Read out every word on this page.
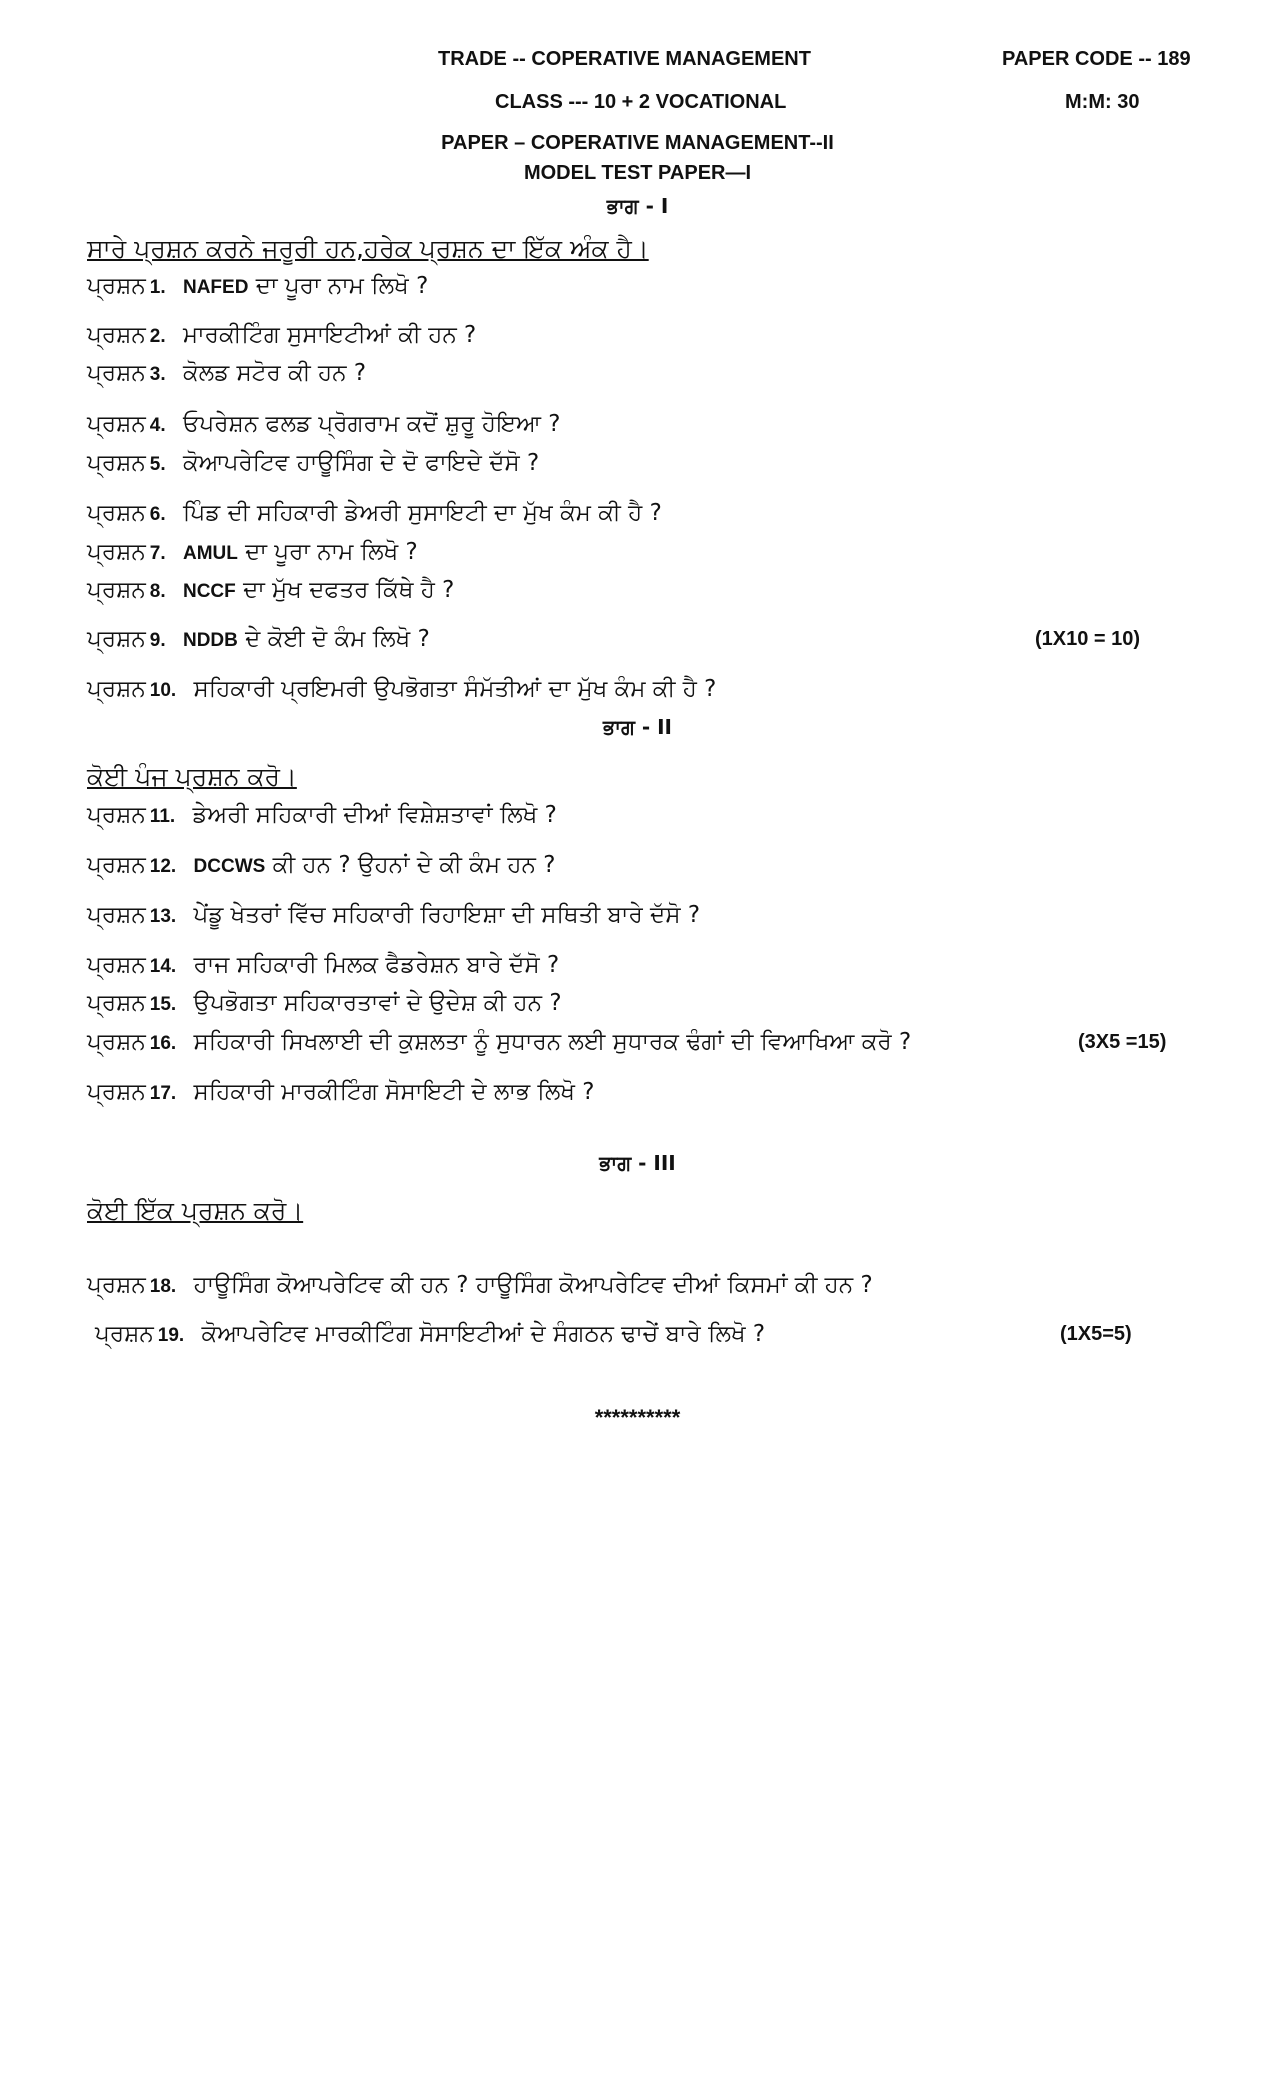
TRADE -- COPERATIVE MANAGEMENT	PAPER CODE -- 189
CLASS --- 10 + 2 VOCATIONAL	M:M: 30
PAPER – COPERATIVE MANAGEMENT--II
MODEL TEST PAPER—I
ਭਾਗ - I
ਸਾਰੇ ਪ੍ਰਸ਼ਨ ਕਰਨੇ ਜਰੂਰੀ ਹਨ,ਹਰੇਕ ਪ੍ਰਸ਼ਨ ਦਾ ਇੱਕ ਅੰਕ ਹੈ।
ਪ੍ਰਸ਼ਨ 1. NAFED ਦਾ ਪੂਰਾ ਨਾਮ ਲਿਖੋ ?
ਪ੍ਰਸ਼ਨ 2. ਮਾਰਕੀਟਿੰਗ ਸੁਸਾਇਟੀਆਂ ਕੀ ਹਨ ?
ਪ੍ਰਸ਼ਨ 3. ਕੋਲਡ ਸਟੋਰ ਕੀ ਹਨ ?
ਪ੍ਰਸ਼ਨ 4. ਓਪਰੇਸ਼ਨ ਫਲਡ ਪ੍ਰੋਗਰਾਮ ਕਦੋਂ ਸ਼ੁਰੂ ਹੋਇਆ ?
ਪ੍ਰਸ਼ਨ 5. ਕੋਆਪਰੇਟਿਵ ਹਾਊਸਿੰਗ ਦੇ ਦੋ ਫਾਇਦੇ ਦੱਸੋ ?
ਪ੍ਰਸ਼ਨ 6. ਪਿੰਡ ਦੀ ਸਹਿਕਾਰੀ ਡੇਅਰੀ ਸੁਸਾਇਟੀ ਦਾ ਮੁੱਖ ਕੰਮ ਕੀ ਹੈ ?
ਪ੍ਰਸ਼ਨ 7. AMUL ਦਾ ਪੂਰਾ ਨਾਮ ਲਿਖੋ ?
ਪ੍ਰਸ਼ਨ 8. NCCF ਦਾ ਮੁੱਖ ਦਫਤਰ ਕਿੱਥੇ ਹੈ ?
ਪ੍ਰਸ਼ਨ 9. NDDB ਦੇ ਕੋਈ ਦੋ ਕੰਮ ਲਿਖੋ ?	(1X10 = 10)
ਪ੍ਰਸ਼ਨ 10. ਸਹਿਕਾਰੀ ਪ੍ਰਇਮਰੀ ਉਪਭੋਗਤਾ ਸੰਮੱਤੀਆਂ ਦਾ ਮੁੱਖ ਕੰਮ ਕੀ ਹੈ ?
ਭਾਗ - II
ਕੋਈ ਪੰਜ ਪ੍ਰਸ਼ਨ ਕਰੋ।
ਪ੍ਰਸ਼ਨ 11. ਡੇਅਰੀ ਸਹਿਕਾਰੀ ਦੀਆਂ ਵਿਸ਼ੇਸ਼ਤਾਵਾਂ ਲਿਖੋ ?
ਪ੍ਰਸ਼ਨ 12. DCCWS ਕੀ ਹਨ ? ਉਹਨਾਂ ਦੇ ਕੀ ਕੰਮ ਹਨ ?
ਪ੍ਰਸ਼ਨ 13. ਪੇਂਡੂ ਖੇਤਰਾਂ ਵਿੱਚ ਸਹਿਕਾਰੀ ਰਿਹਾਇਸ਼ਾ ਦੀ ਸਥਿਤੀ ਬਾਰੇ ਦੱਸੋ ?
ਪ੍ਰਸ਼ਨ 14. ਰਾਜ ਸਹਿਕਾਰੀ ਮਿਲਕ ਫੈਡਰੇਸ਼ਨ ਬਾਰੇ ਦੱਸੋ ?
ਪ੍ਰਸ਼ਨ 15. ਉਪਭੋਗਤਾ ਸਹਿਕਾਰਤਾਵਾਂ ਦੇ ਉਦੇਸ਼ ਕੀ ਹਨ ?
ਪ੍ਰਸ਼ਨ 16. ਸਹਿਕਾਰੀ ਸਿਖਲਾਈ ਦੀ ਕੁਸ਼ਲਤਾ ਨੂੰ ਸੁਧਾਰਨ ਲਈ ਸੁਧਾਰਕ ਢੰਗਾਂ ਦੀ ਵਿਆਖਿਆ ਕਰੋ ?	(3X5 =15)
ਪ੍ਰਸ਼ਨ 17. ਸਹਿਕਾਰੀ ਮਾਰਕੀਟਿੰਗ ਸੋਸਾਇਟੀ ਦੇ ਲਾਭ ਲਿਖੋ ?
ਭਾਗ - III
ਕੋਈ ਇੱਕ ਪ੍ਰਸ਼ਨ ਕਰੋ।
ਪ੍ਰਸ਼ਨ 18. ਹਾਊਸਿੰਗ ਕੋਆਪਰੇਟਿਵ ਕੀ ਹਨ ? ਹਾਊਸਿੰਗ ਕੋਆਪਰੇਟਿਵ ਦੀਆਂ ਕਿਸਮਾਂ ਕੀ ਹਨ ?
ਪ੍ਰਸ਼ਨ 19. ਕੋਆਪਰੇਟਿਵ ਮਾਰਕੀਟਿੰਗ ਸੋਸਾਇਟੀਆਂ ਦੇ ਸੰਗਠਨ ਢਾਚੇਂ ਬਾਰੇ ਲਿਖੋ ?	(1X5=5)
**********
